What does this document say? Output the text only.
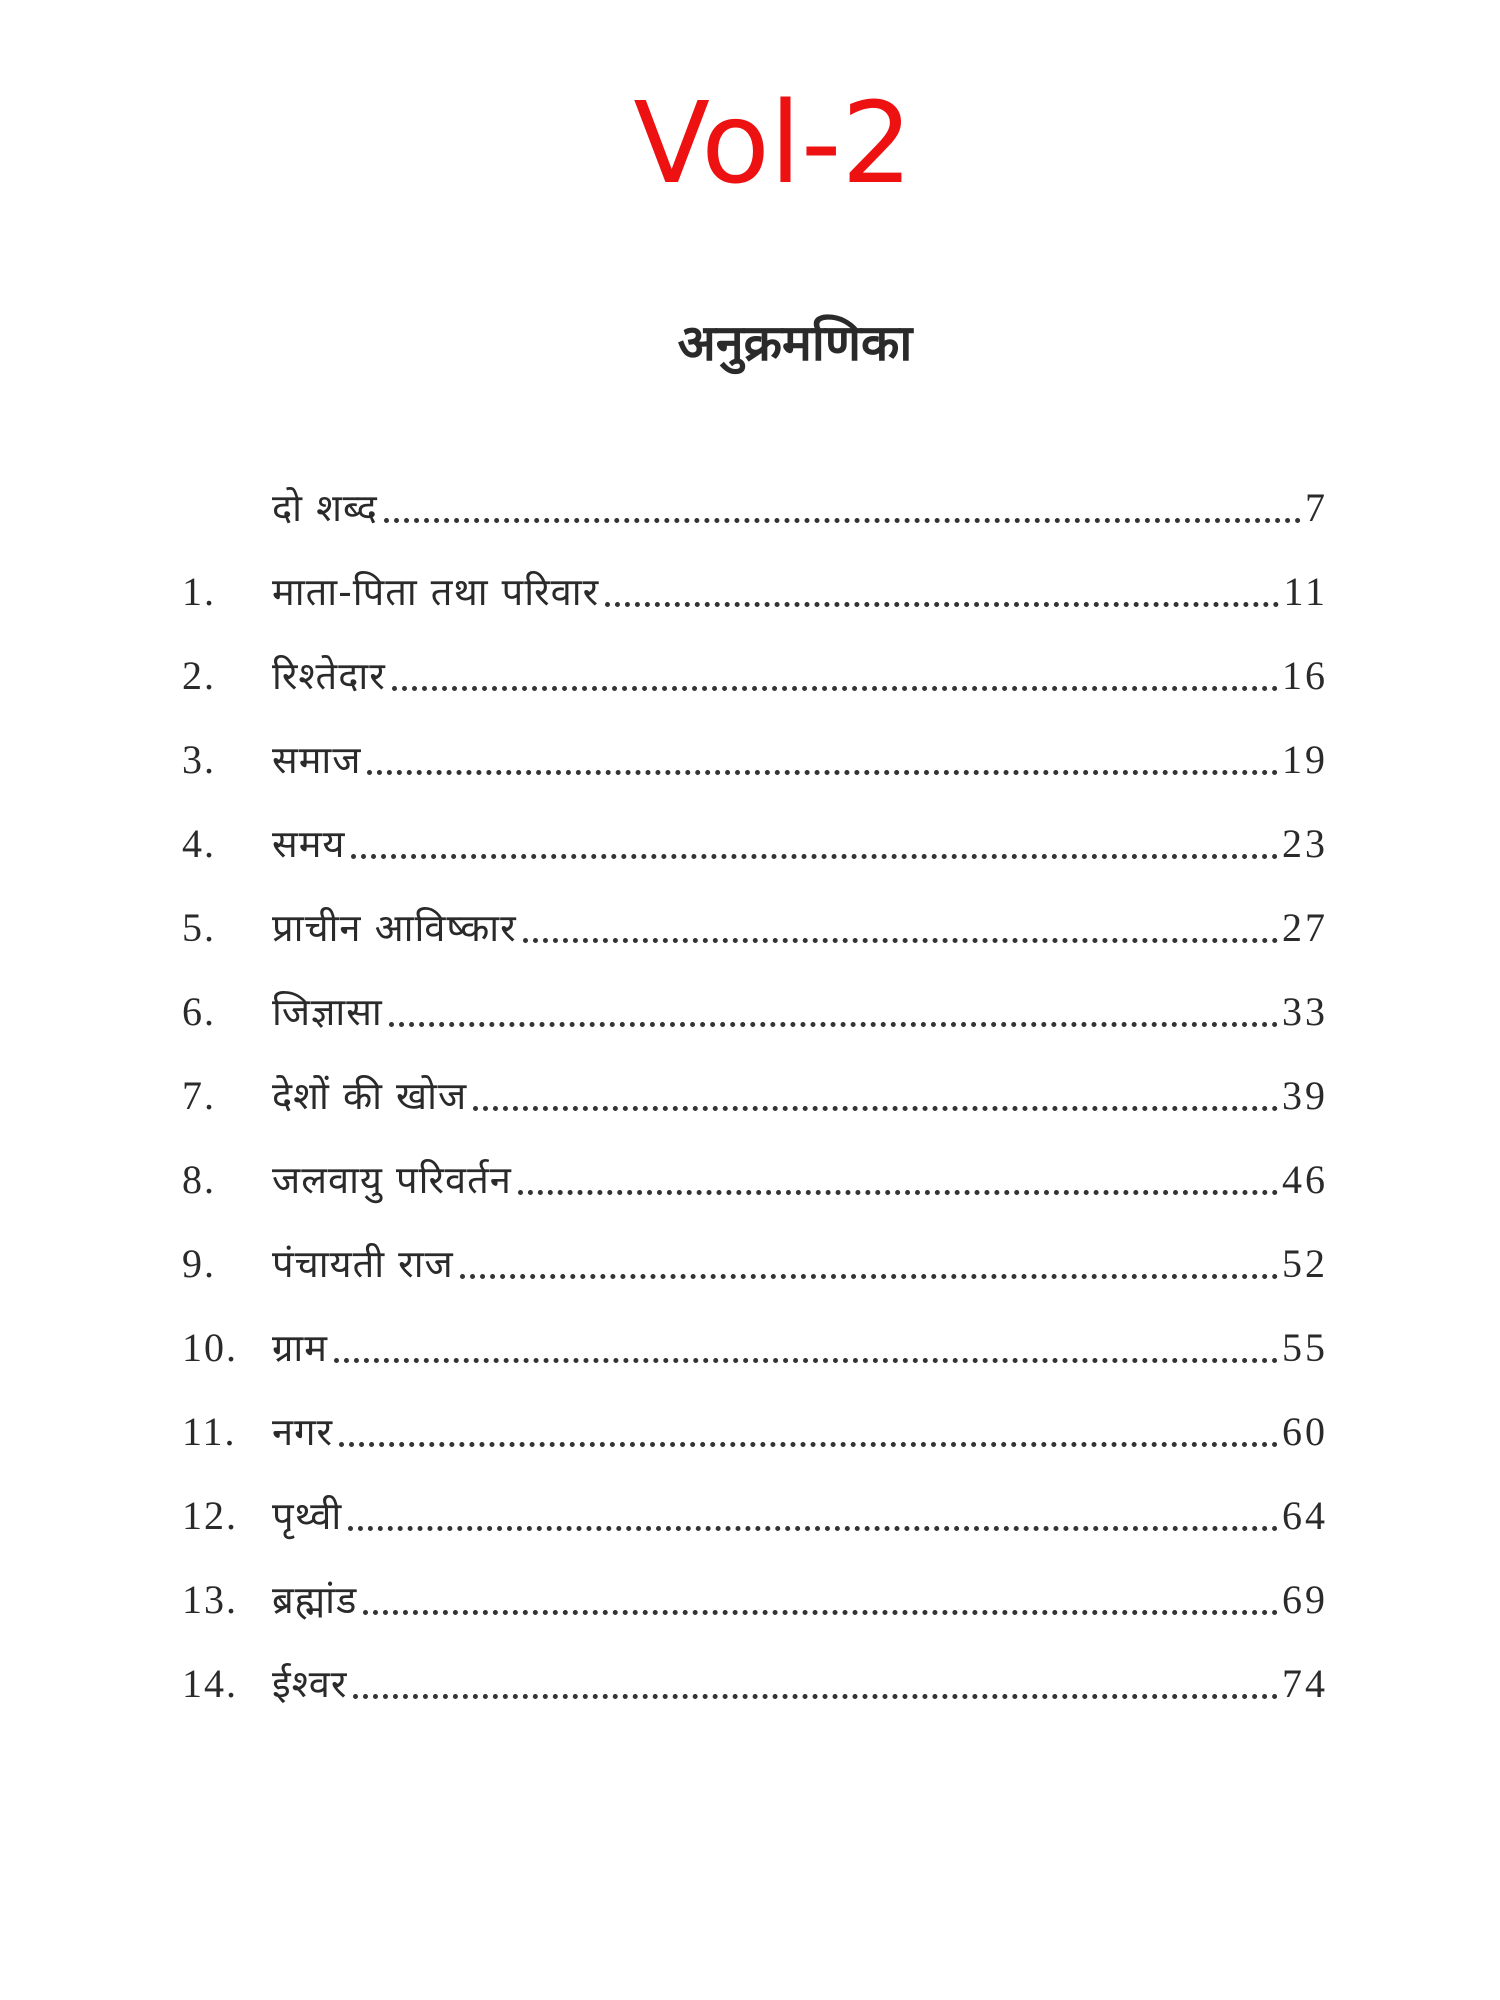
Vol-2
अनुक्रमणिका
दो शब्द	7
1.	माता-पिता तथा परिवार	11
2.	रिश्तेदार	16
3.	समाज	19
4.	समय	23
5.	प्राचीन आविष्कार	27
6.	जिज्ञासा	33
7.	देशों की खोज	39
8.	जलवायु परिवर्तन	46
9.	पंचायती राज	52
10. ग्राम	55
11. नगर	60
12. पृथ्वी	64
13. ब्रह्मांड	69
14. ईश्वर	74
